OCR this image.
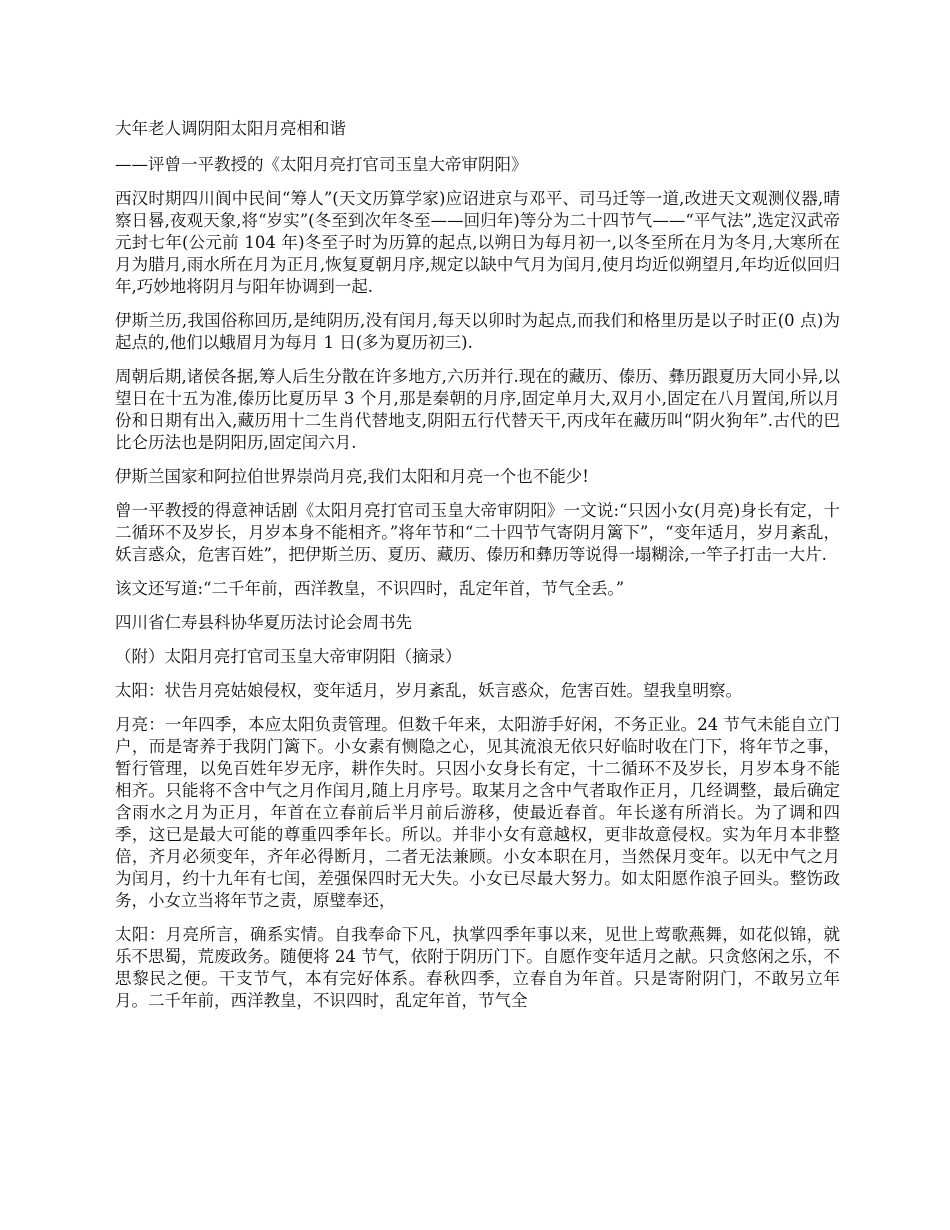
大年老人调阴阳太阳月亮相和谐

——评曾一平教授的《太阳月亮打官司玉皇大帝审阴阳》

西汉时期四川阆中民间“筹人”(天文历算学家)应诏进京与邓平、司马迁等一道,改进天文观测仪器,晴察日晷,夜观天象,将“岁实”(冬至到次年冬至——回归年)等分为二十四节气——“平气法”,选定汉武帝元封七年(公元前 104 年)冬至子时为历算的起点,以朔日为每月初一,以冬至所在月为冬月,大寒所在月为腊月,雨水所在月为正月,恢复夏朝月序,规定以缺中气月为闰月,使月均近似朔望月,年均近似回归年,巧妙地将阴月与阳年协调到一起.

伊斯兰历,我国俗称回历,是纯阴历,没有闰月,每天以卯时为起点,而我们和格里历是以子时正(0 点)为起点的,他们以蛾眉月为每月 1 日(多为夏历初三).

周朝后期,诸侯各据,筹人后生分散在许多地方,六历并行.现在的藏历、傣历、彝历跟夏历大同小异,以望日在十五为准,傣历比夏历早 3 个月,那是秦朝的月序,固定单月大,双月小,固定在八月置闰,所以月份和日期有出入,藏历用十二生肖代替地支,阴阳五行代替天干,丙戌年在藏历叫“阴火狗年”.古代的巴比仑历法也是阴阳历,固定闰六月.

伊斯兰国家和阿拉伯世界崇尚月亮,我们太阳和月亮一个也不能少!

曾一平教授的得意神话剧《太阳月亮打官司玉皇大帝审阴阳》一文说:“只因小女(月亮)身长有定，十二循环不及岁长，月岁本身不能相齐。”将年节和“二十四节气寄阴月篱下”，“变年适月，岁月紊乱，妖言惑众，危害百姓”，把伊斯兰历、夏历、藏历、傣历和彝历等说得一塌糊涂,一竿子打击一大片.

该文还写道:“二千年前，西洋教皇，不识四时，乱定年首，节气全丢。”

四川省仁寿县科协华夏历法讨论会周书先

（附）太阳月亮打官司玉皇大帝审阴阳（摘录）

太阳：状告月亮姑娘侵权，变年适月，岁月紊乱，妖言惑众，危害百姓。望我皇明察。

月亮：一年四季，本应太阳负责管理。但数千年来，太阳游手好闲，不务正业。24 节气未能自立门户，而是寄养于我阴门篱下。小女素有恻隐之心，见其流浪无依只好临时收在门下，将年节之事，暂行管理，以免百姓年岁无序，耕作失时。只因小女身长有定，十二循环不及岁长，月岁本身不能相齐。只能将不含中气之月作闰月,随上月序号。取某月之含中气者取作正月，几经调整，最后确定含雨水之月为正月，年首在立春前后半月前后游移，使最近春首。年长遂有所消长。为了调和四季，这已是最大可能的尊重四季年长。所以。并非小女有意越权，更非故意侵权。实为年月本非整倍，齐月必须变年，齐年必得断月，二者无法兼顾。小女本职在月，当然保月变年。以无中气之月为闰月，约十九年有七闰，差强保四时无大失。小女已尽最大努力。如太阳愿作浪子回头。整饬政务，小女立当将年节之责，原璧奉还，

太阳：月亮所言，确系实情。自我奉命下凡，执掌四季年事以来，见世上莺歌燕舞，如花似锦，就乐不思蜀，荒废政务。随便将 24 节气，依附于阴历门下。自愿作变年适月之献。只贪悠闲之乐，不思黎民之便。干支节气，本有完好体系。春秋四季，立春自为年首。只是寄附阴门，不敢另立年月。二千年前，西洋教皇，不识四时，乱定年首，节气全
